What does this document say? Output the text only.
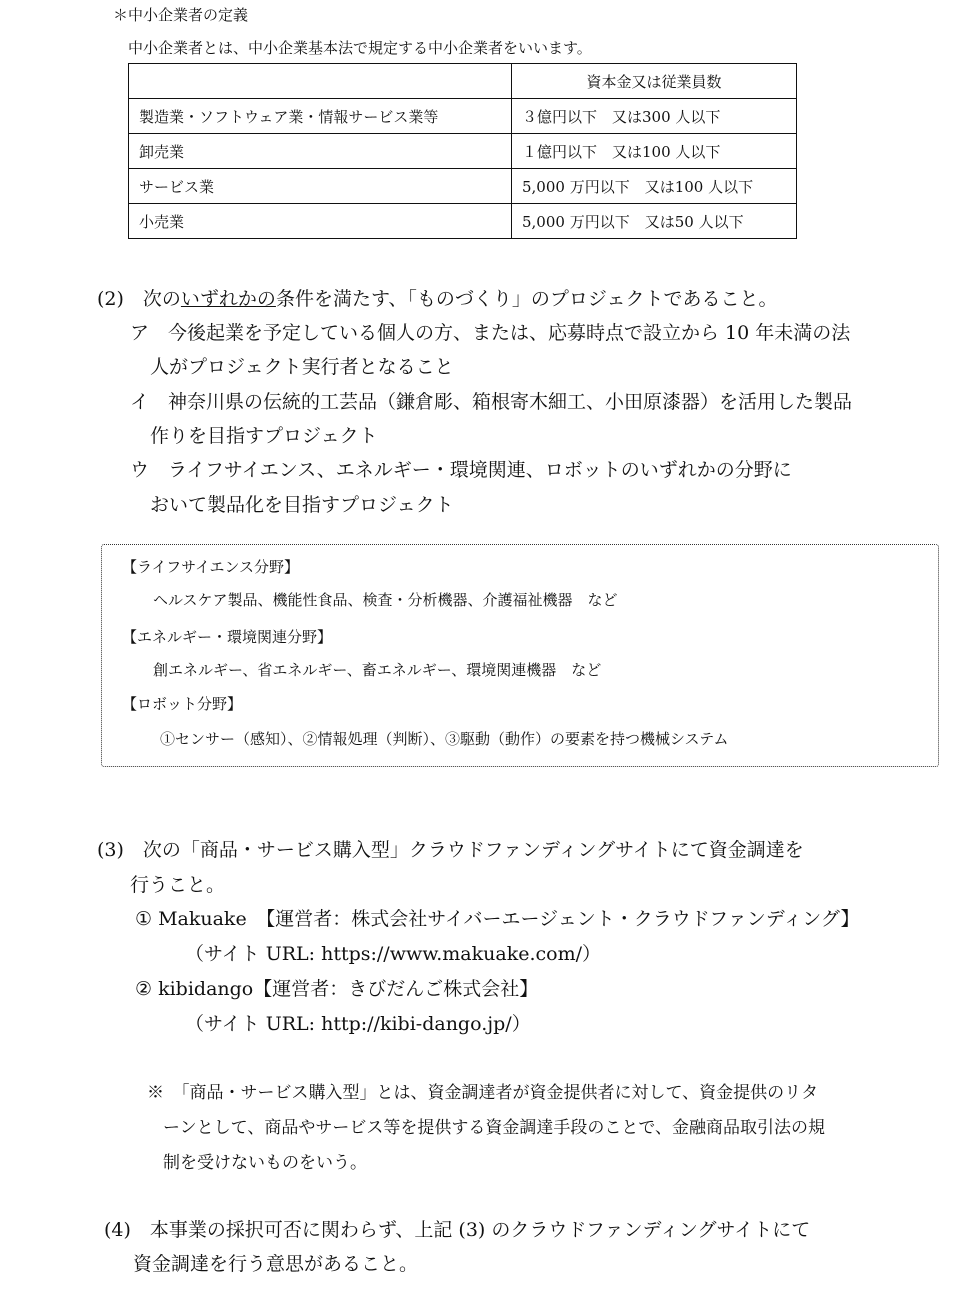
＊中小企業者の定義
中小企業者とは、中小企業基本法で規定する中小企業者をいいます。
	資本金又は従業員数
製造業・ソフトウェア業・情報サービス業等	３億円以下　又は300 人以下
卸売業	１億円以下　又は100 人以下
サービス業	5,000 万円以下　又は100 人以下
小売業	5,000 万円以下　又は50 人以下
(2)　次のいずれかの条件を満たす、「ものづくり」のプロジェクトであること。
ア　今後起業を予定している個人の方、または、応募時点で設立から 10 年未満の法
人がプロジェクト実行者となること
イ　神奈川県の伝統的工芸品（鎌倉彫、箱根寄木細工、小田原漆器）を活用した製品
作りを目指すプロジェクト
ウ　ライフサイエンス、エネルギー・環境関連、ロボットのいずれかの分野に
おいて製品化を目指すプロジェクト
【ライフサイエンス分野】
ヘルスケア製品、機能性食品、検査・分析機器、介護福祉機器　など
【エネルギー・環境関連分野】
創エネルギー、省エネルギー、畜エネルギー、環境関連機器　など
【ロボット分野】
①センサー（感知）、②情報処理（判断）、③駆動（動作）の要素を持つ機械システム
(3)　次の「商品・サービス購入型」クラウドファンディングサイトにて資金調達を
行うこと。
① Makuake　【運営者：株式会社サイバーエージェント・クラウドファンディング】
（サイト URL: https://www.makuake.com/）
② kibidango【運営者：きびだんご株式会社】
（サイト URL: http://kibi-dango.jp/）
※　「商品・サービス購入型」とは、資金調達者が資金提供者に対して、資金提供のリタ
ーンとして、商品やサービス等を提供する資金調達手段のことで、金融商品取引法の規
制を受けないものをいう。
(4)　本事業の採択可否に関わらず、上記 (3) のクラウドファンディングサイトにて
資金調達を行う意思があること。
